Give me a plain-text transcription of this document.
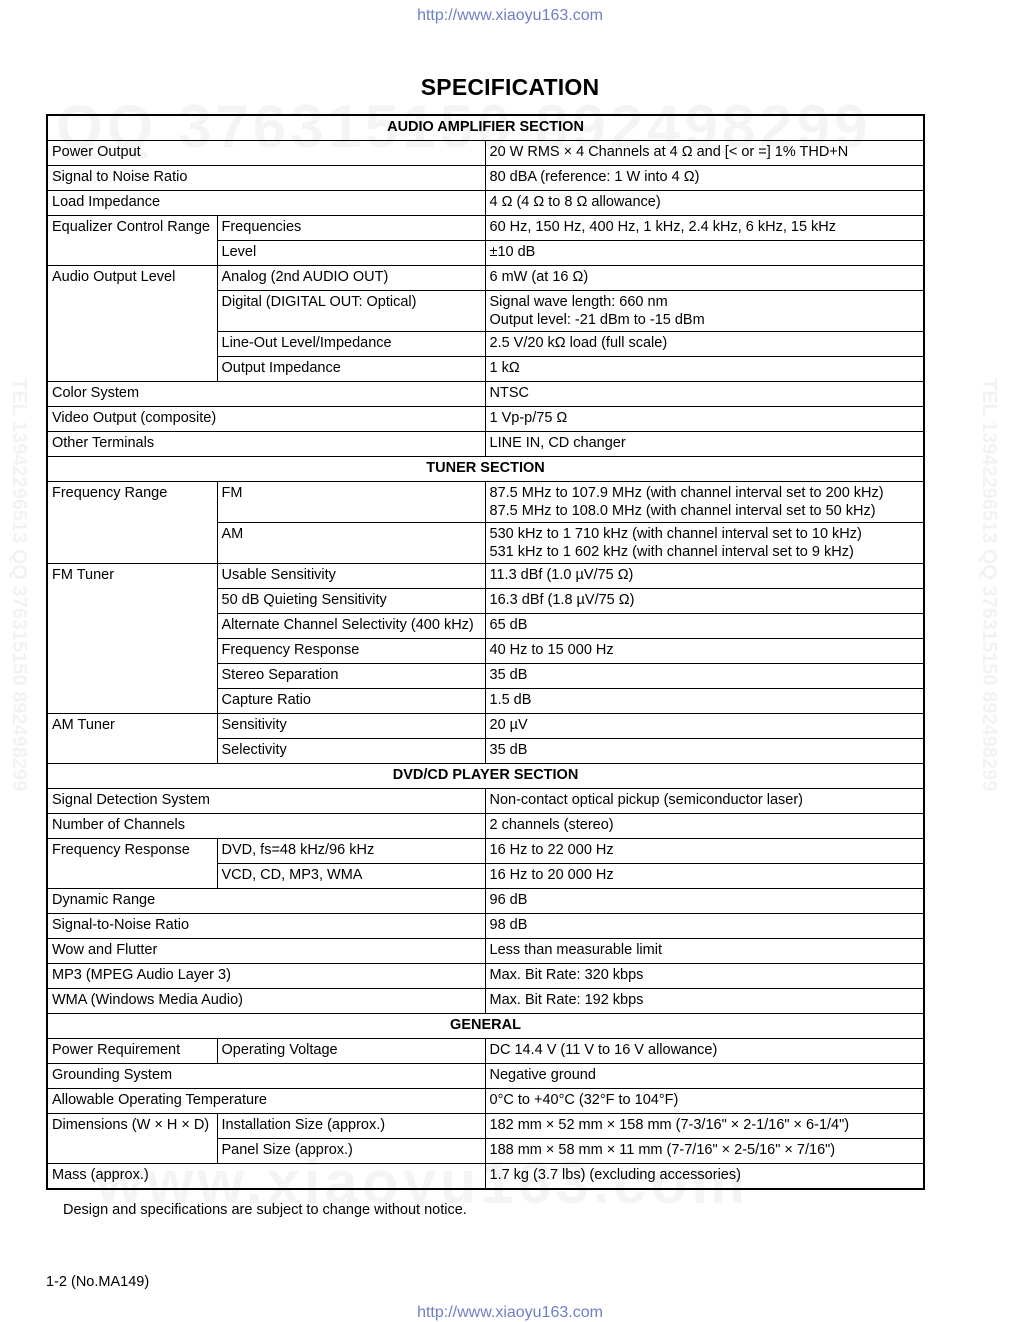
http://www.xiaoyu163.com
TEL 13942296513 QQ 376315150 892498299	TEL 13942296513 QQ 376315150 892498299
SPECIFICATION
AUDIO AMPLIFIER SECTION		
Power Output		20 W RMS × 4 Channels at 4 Ω and [< or =] 1% THD+N

Signal to Noise Ratio		80 dBA (reference: 1 W into 4 Ω)

Load Impedance		4 Ω (4 Ω to 8 Ω allowance)

Equalizer Control Range	Frequencies	60 Hz, 150 Hz, 400 Hz, 1 kHz, 2.4 kHz, 6 kHz, 15 kHz

	Level	±10 dB

Audio Output Level	Analog (2nd AUDIO OUT)	6 mW (at 16 Ω)

	Digital (DIGITAL OUT: Optical)	Signal wave length: 660 nm
Output level: -21 dBm to -15 dBm

	Line-Out Level/Impedance	2.5 V/20 kΩ load (full scale)

	Output Impedance	1 kΩ

Color System		NTSC

Video Output (composite)		1 Vp-p/75 Ω

Other Terminals		LINE IN, CD changer

TUNER SECTION		
Frequency Range	FM	87.5 MHz to 107.9 MHz (with channel interval set to 200 kHz)
87.5 MHz to 108.0 MHz (with channel interval set to 50 kHz)

	AM	530 kHz to 1 710 kHz (with channel interval set to 10 kHz)
531 kHz to 1 602 kHz (with channel interval set to 9 kHz)

FM Tuner	Usable Sensitivity	11.3 dBf (1.0 µV/75 Ω)

	50 dB Quieting Sensitivity	16.3 dBf (1.8 µV/75 Ω)

	Alternate Channel Selectivity (400 kHz)	65 dB

	Frequency Response	40 Hz to 15 000 Hz

	Stereo Separation	35 dB

	Capture Ratio	1.5 dB

AM Tuner	Sensitivity	20 µV

	Selectivity	35 dB

DVD/CD PLAYER SECTION		
Signal Detection System		Non-contact optical pickup (semiconductor laser)

Number of Channels		2 channels (stereo)

Frequency Response	DVD, fs=48 kHz/96 kHz	16 Hz to 22 000 Hz

	VCD, CD, MP3, WMA	16 Hz to 20 000 Hz

Dynamic Range		96 dB

Signal-to-Noise Ratio		98 dB

Wow and Flutter		Less than measurable limit

MP3 (MPEG Audio Layer 3)		Max. Bit Rate: 320 kbps

WMA (Windows Media Audio)		Max. Bit Rate: 192 kbps

GENERAL		
Power Requirement	Operating Voltage	DC 14.4 V (11 V to 16 V allowance)

Grounding System		Negative ground

Allowable Operating Temperature		0°C to +40°C (32°F to 104°F)

Dimensions (W × H × D)	Installation Size (approx.)	182 mm × 52 mm × 158 mm (7-3/16" × 2-1/16" × 6-1/4")

	Panel Size (approx.)	188 mm × 58 mm × 11 mm (7-7/16" × 2-5/16" × 7/16")

Mass (approx.)		1.7 kg (3.7 lbs) (excluding accessories)
Design and specifications are subject to change without notice.
1-2 (No.MA149)
http://www.xiaoyu163.com
